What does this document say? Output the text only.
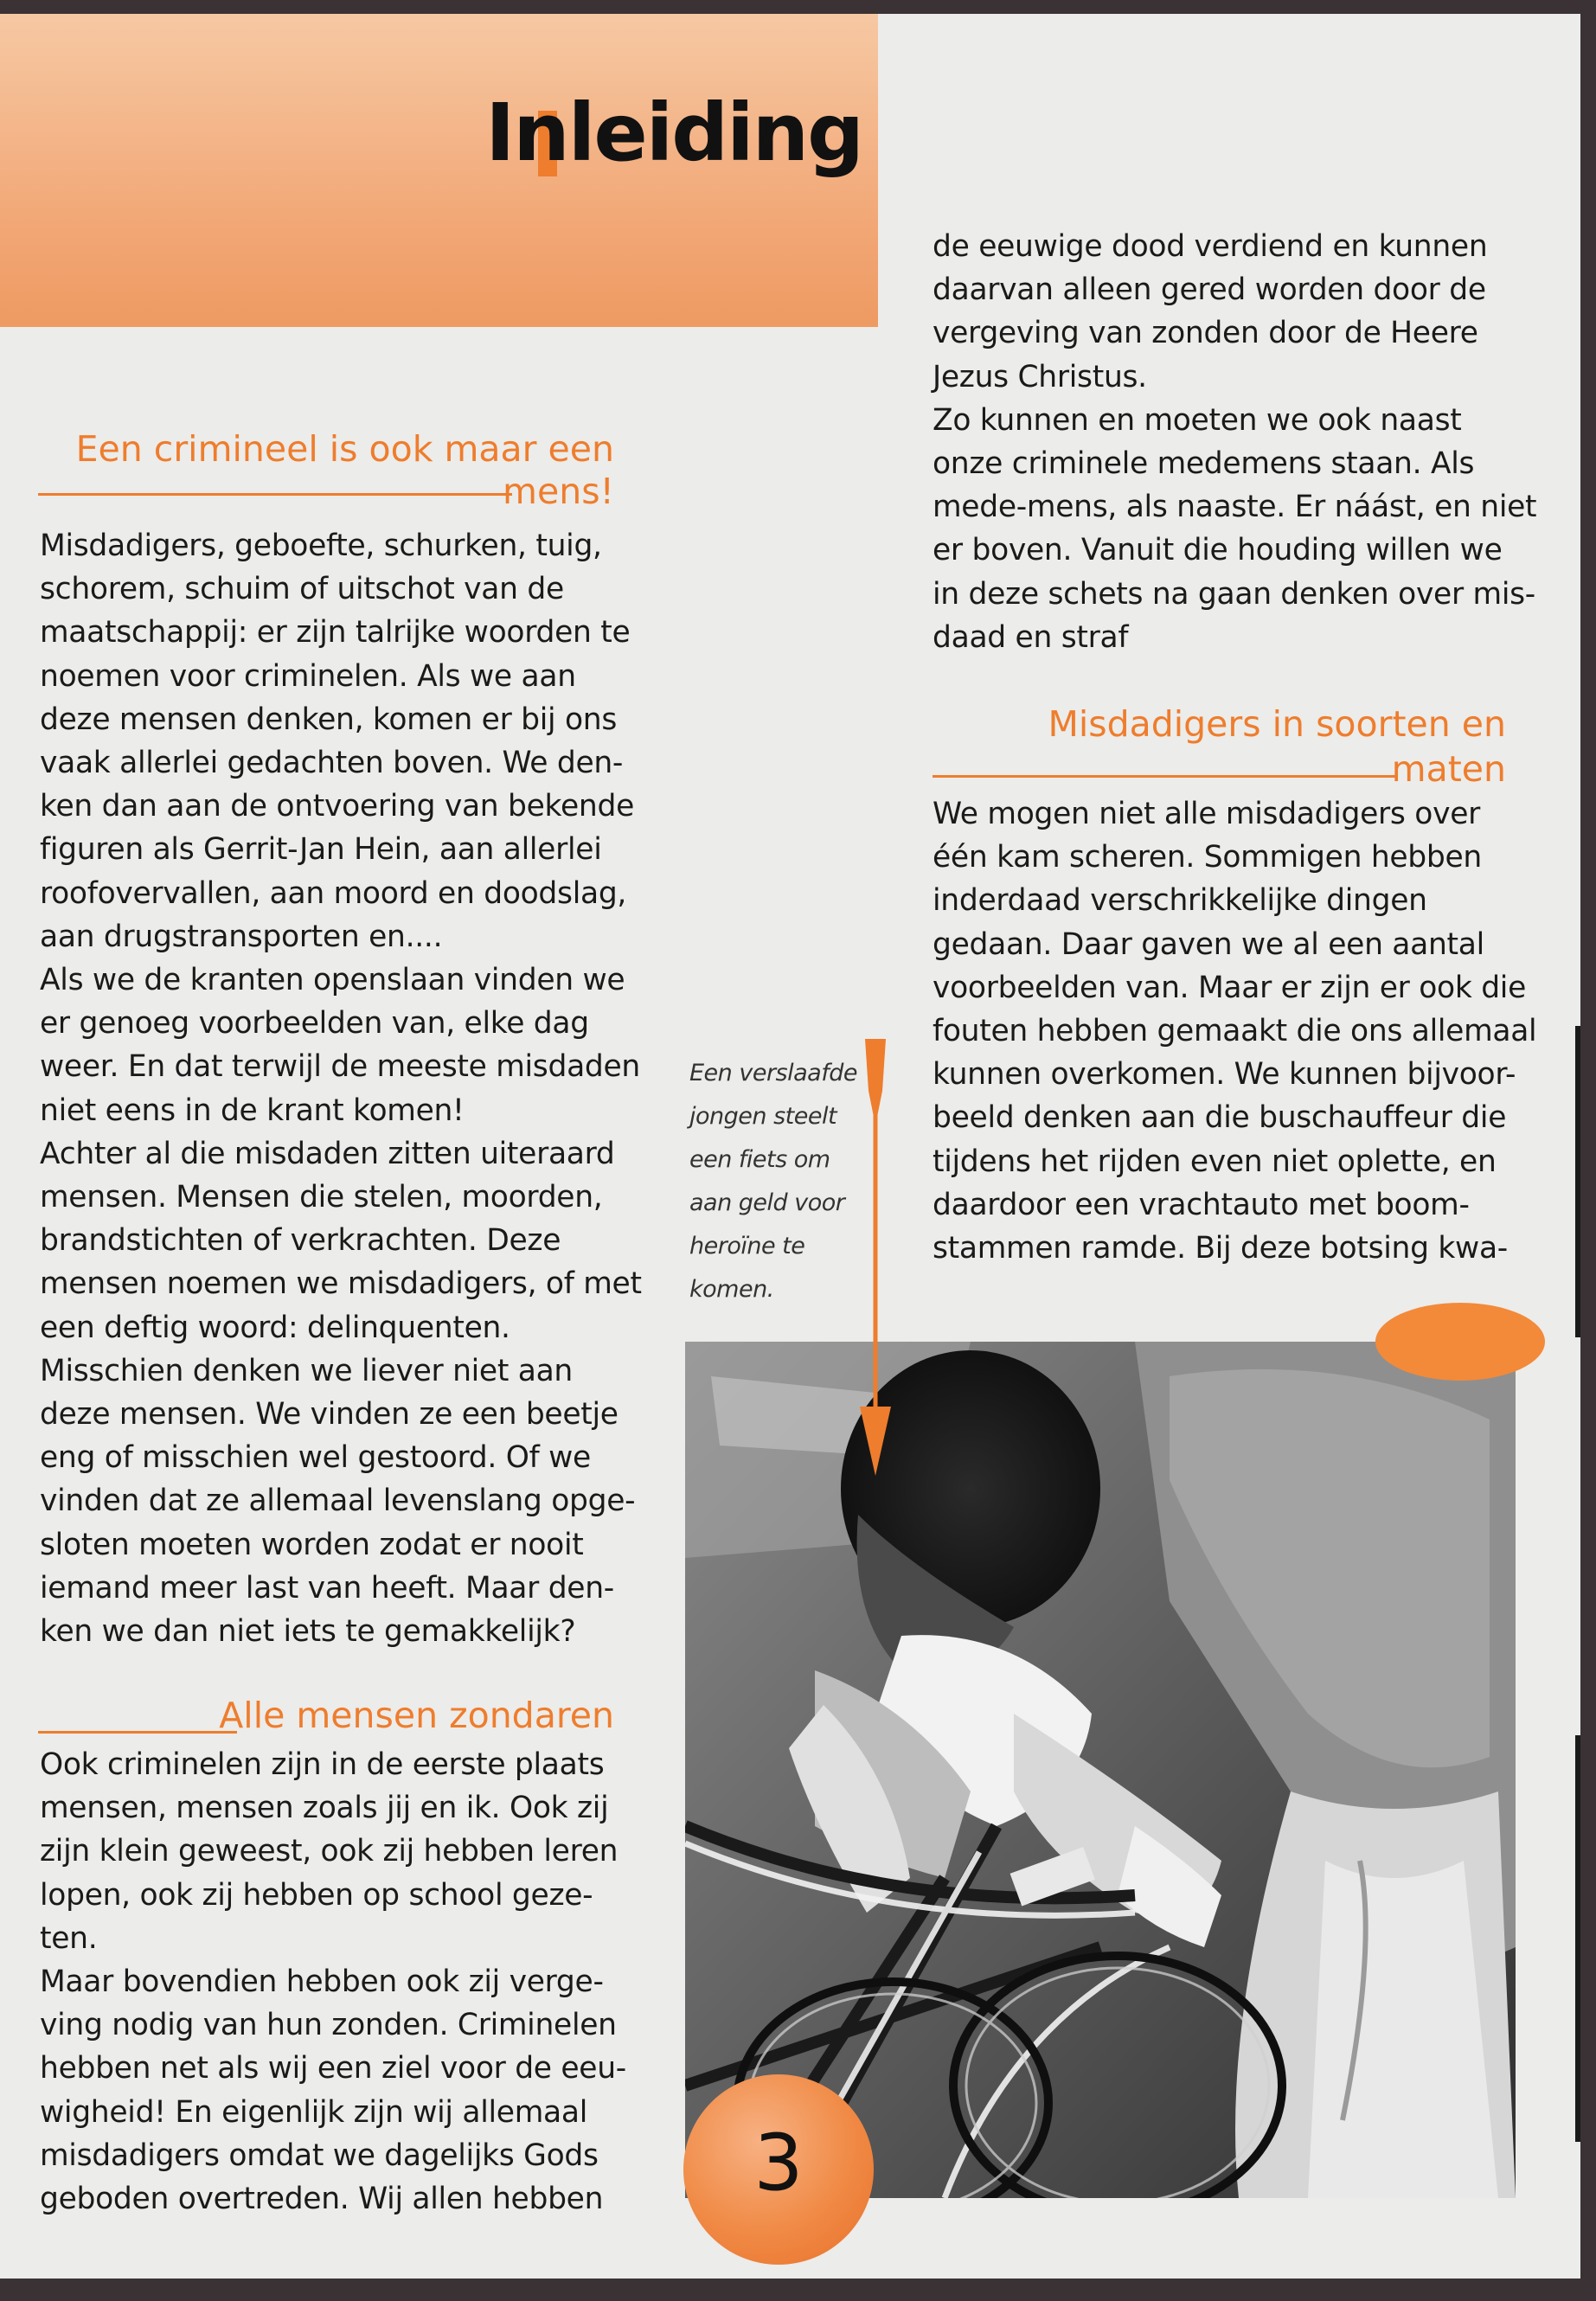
Inleiding
Een crimineel is ook maar een
mens!

Misdadigers, geboefte, schurken, tuig,

schorem, schuim of uitschot van de

maatschappij: er zijn talrijke woorden te

noemen voor criminelen. Als we aan

deze mensen denken, komen er bij ons

vaak allerlei gedachten boven. We den-

ken dan aan de ontvoering van bekende

figuren als Gerrit-Jan Hein, aan allerlei

roofovervallen, aan moord en doodslag,

aan drugstransporten en....

Als we de kranten openslaan vinden we

er genoeg voorbeelden van, elke dag

weer. En dat terwijl de meeste misdaden

niet eens in de krant komen!

Achter al die misdaden zitten uiteraard

mensen. Mensen die stelen, moorden,

brandstichten of verkrachten. Deze

mensen noemen we misdadigers, of met

een deftig woord: delinquenten.

Misschien denken we liever niet aan

deze mensen. We vinden ze een beetje

eng of misschien wel gestoord. Of we

vinden dat ze allemaal levenslang opge-

sloten moeten worden zodat er nooit

iemand meer last van heeft. Maar den-

ken we dan niet iets te gemakkelijk?

Alle mensen zondaren

Ook criminelen zijn in de eerste plaats

mensen, mensen zoals jij en ik. Ook zij

zijn klein geweest, ook zij hebben leren

lopen, ook zij hebben op school geze-

ten.

Maar bovendien hebben ook zij verge-

ving nodig van hun zonden. Criminelen

hebben net als wij een ziel voor de eeu-

wigheid! En eigenlijk zijn wij allemaal

misdadigers omdat we dagelijks Gods

geboden overtreden. Wij allen hebben

de eeuwige dood verdiend en kunnen

daarvan alleen gered worden door de

vergeving van zonden door de Heere

Jezus Christus.

Zo kunnen en moeten we ook naast

onze criminele medemens staan. Als

mede-mens, als naaste. Er náást, en niet

er boven. Vanuit die houding willen we

in deze schets na gaan denken over mis-

daad en straf

Misdadigers in soorten en
maten

We mogen niet alle misdadigers over

één kam scheren. Sommigen hebben

inderdaad verschrikkelijke dingen

gedaan. Daar gaven we al een aantal

voorbeelden van. Maar er zijn er ook die

fouten hebben gemaakt die ons allemaal

kunnen overkomen. We kunnen bijvoor-

beeld denken aan die buschauffeur die

tijdens het rijden even niet oplette, en

daardoor een vrachtauto met boom-

stammen ramde. Bij deze botsing kwa-

Een verslaafde
jongen steelt
een fiets om
aan geld voor
heroïne te
komen.
3
